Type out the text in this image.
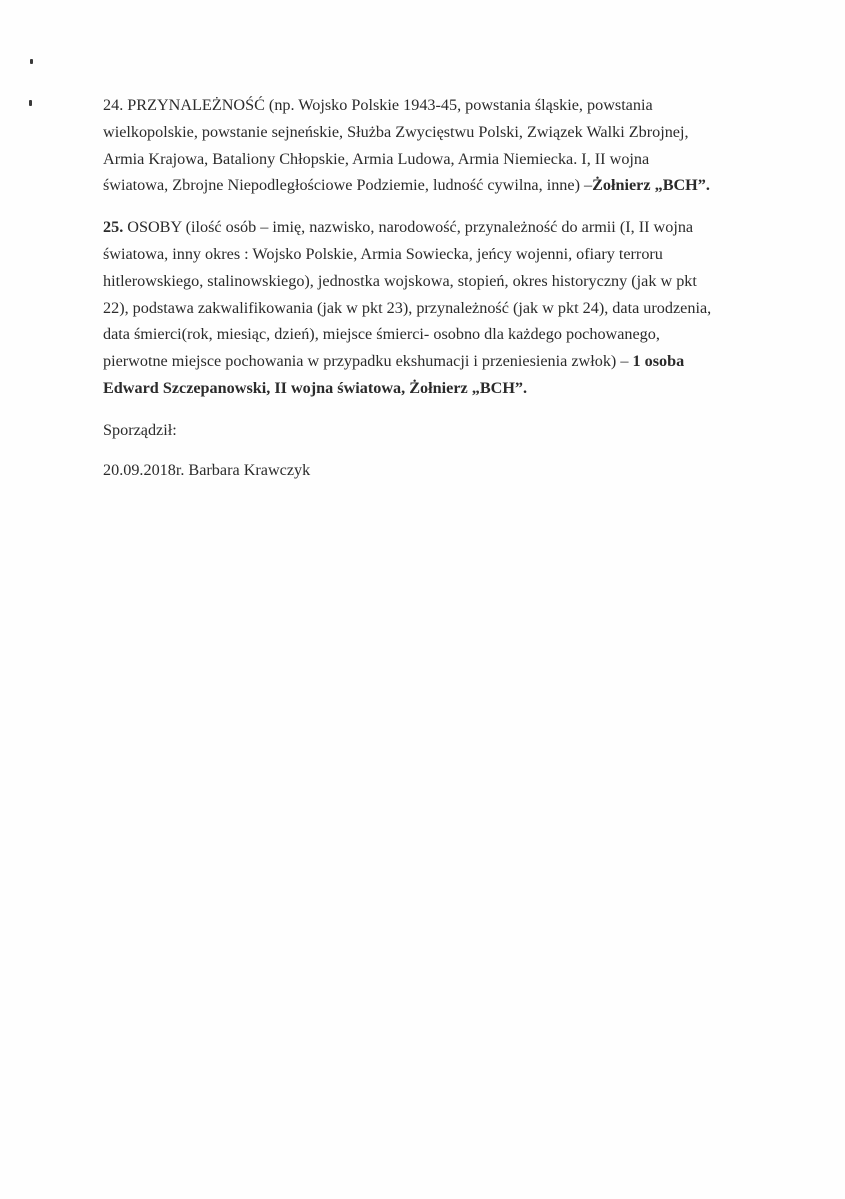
24. PRZYNALEŻNOŚĆ (np. Wojsko Polskie 1943-45, powstania śląskie, powstania
wielkopolskie, powstanie sejneńskie, Służba Zwycięstwu Polski, Związek Walki Zbrojnej,
Armia Krajowa, Bataliony Chłopskie, Armia Ludowa, Armia Niemiecka. I, II wojna
światowa, Zbrojne Niepodległościowe Podziemie, ludność cywilna, inne) –Żołnierz „BCH”.

25. OSOBY (ilość osób – imię, nazwisko, narodowość, przynależność do armii (I, II wojna
światowa, inny okres : Wojsko Polskie, Armia Sowiecka, jeńcy wojenni, ofiary terroru
hitlerowskiego, stalinowskiego), jednostka wojskowa, stopień, okres historyczny (jak w pkt
22), podstawa zakwalifikowania (jak w pkt 23), przynależność (jak w pkt 24), data urodzenia,
data śmierci(rok, miesiąc, dzień), miejsce śmierci- osobno dla każdego pochowanego,
pierwotne miejsce pochowania w przypadku ekshumacji i przeniesienia zwłok) – 1 osoba
Edward Szczepanowski, II wojna światowa, Żołnierz „BCH”.

Sporządził:

20.09.2018r. Barbara Krawczyk
